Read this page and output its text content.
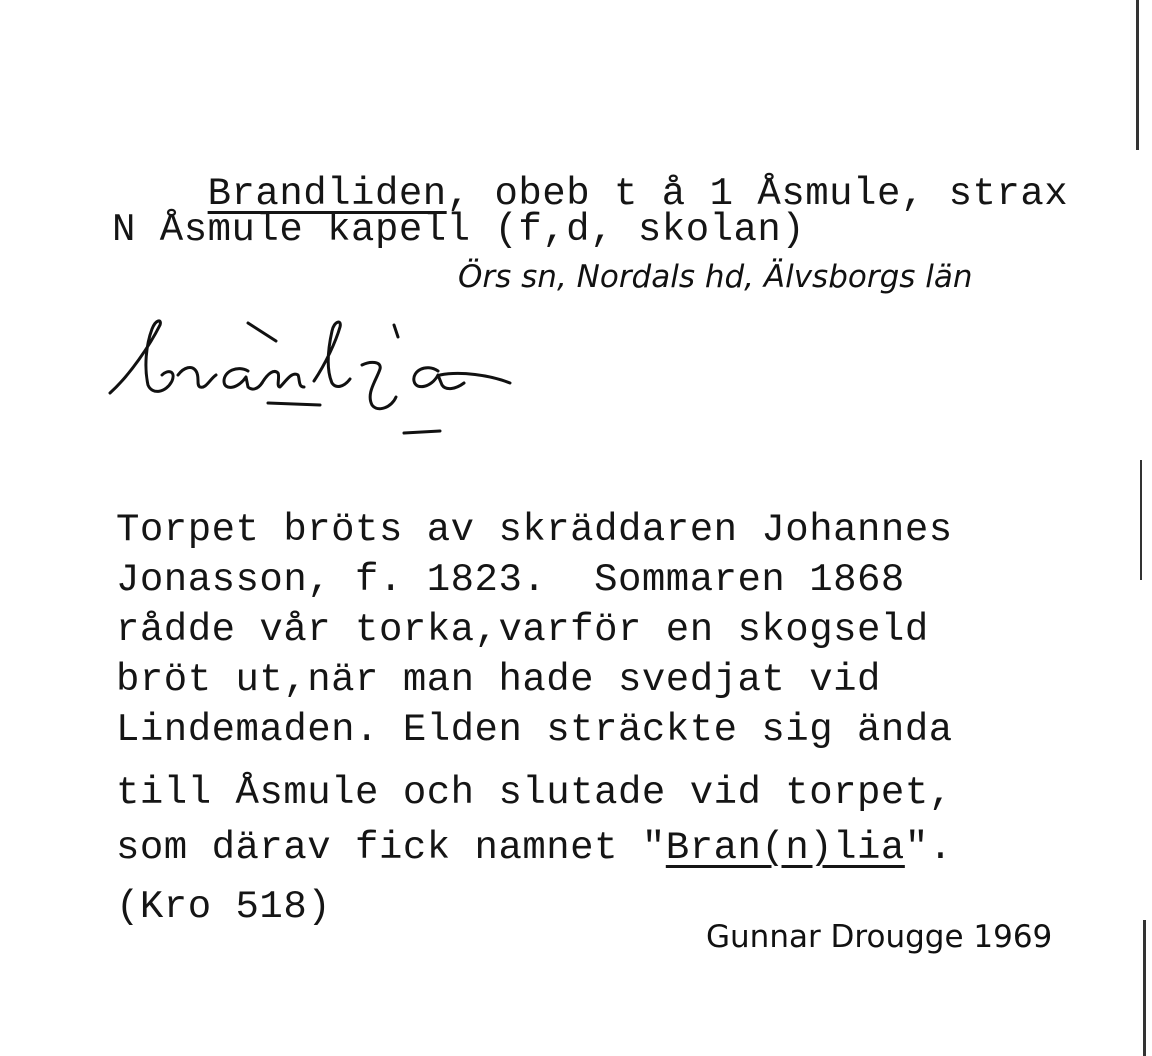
Brandliden, obeb t å 1 Åsmule, strax

N Åsmule kapell (f,d, skolan)
Örs sn, Nordals hd, Älvsborgs län
Torpet bröts av skräddaren Johannes
Jonasson, f. 1823.  Sommaren 1868
rådde vår torka,varför en skogseld
bröt ut,när man hade svedjat vid
Lindemaden. Elden sträckte sig ända
till Åsmule och slutade vid torpet,
som därav fick namnet "Bran(n)lia".
(Kro 518)
Gunnar Drougge 1969
